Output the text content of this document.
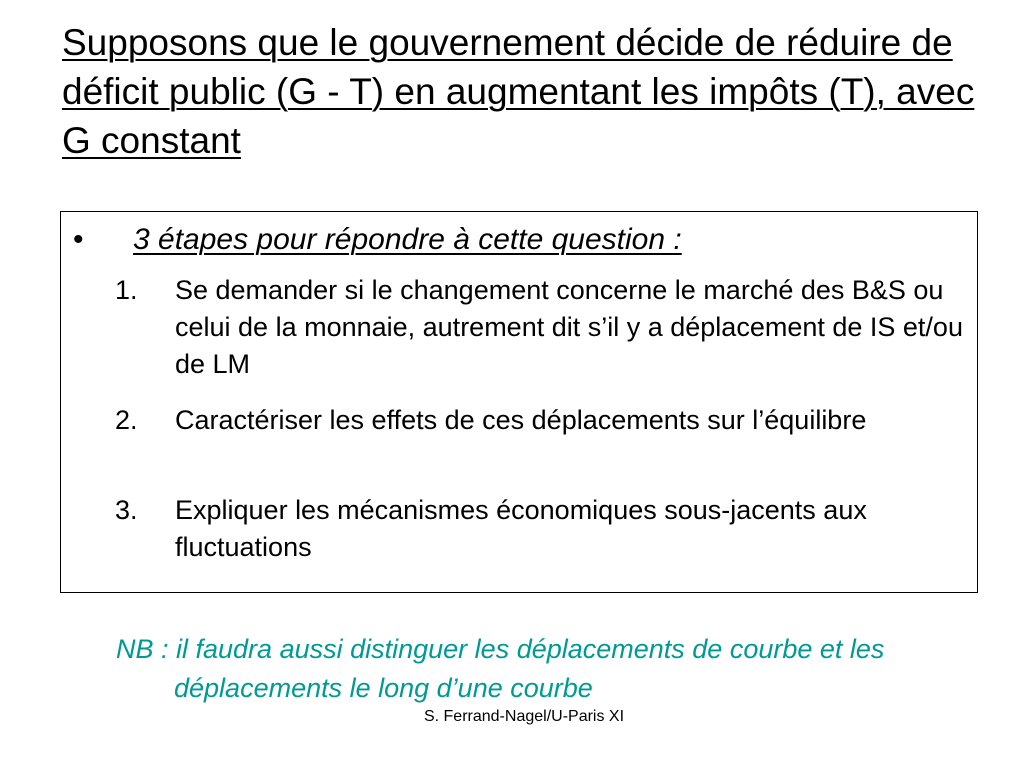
Supposons que le gouvernement décide de réduire de déficit public (G - T) en augmentant les impôts (T), avec G constant
• 3 étapes pour répondre à cette question :
1. Se demander si le changement concerne le marché des B&S ou celui de la monnaie, autrement dit s’il y a déplacement de IS et/ou de LM
2. Caractériser les effets de ces déplacements sur l’équilibre
3. Expliquer les mécanismes économiques sous-jacents aux fluctuations
NB : il faudra aussi distinguer les déplacements de courbe et les déplacements le long d’une courbe
S. Ferrand-Nagel/U-Paris XI
